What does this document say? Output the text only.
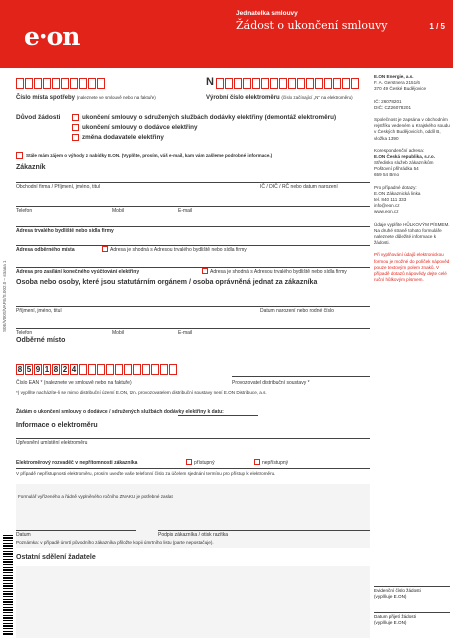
e·on
Jednatelka smlouvy
Žádost o ukončení smlouvy	1 / 5
S0E/V00S/VAFE/S.002.0 – strana 1

E.ON Energie, a.s.
F. A. Gerstnera 2151/6
370 49 České Budějovice

IČ: 26078201
DIČ: CZ26078201

Společnost je zapsána v obchodním rejstříku vedeném u Krajského soudu v Českých Budějovicích, oddíl B, vložka 1390

Korespondenční adresa:
E.ON Česká republika, s.r.o.
Středisko služeb zákazníkům
Poštovní přihrádka 54
659 54 Brno

Pro případné dotazy:
E.ON Zákaznická linka
tel. 840 111 333
info@eon.cz
www.eon.cz

Údaje vyplňte HŮLKOVÝM PÍSMEM. Na druhé straně tohoto formuláře naleznete důležité informace k žádosti.

Při vyplňování údajů elektronickou formou je možné do políček nápověd pouze textovým polem znaků. V případě dotazů nápovědy dejte celé ruční hůlkovým písmem.

N
Číslo místa spotřeby (naleznete ve smlouvě nebo na faktuře)	Výrobní číslo elektroměru (číslo začínající „N“ na elektroměru)
Důvod žádosti	ukončení smlouvy o sdružených službách dodávky elektřiny (demontáž elektroměru)
ukončení smlouvy o dodávce elektřiny
změna dodavatele elektřiny
Stále mám zájem o výhody z nabídky E.ON. (Vyplňte, prosím, váš e-mail, kam vám zašleme podrobné informace.)
Zákazník
Obchodní firma / Příjmení, jméno, titul	IČ / DIČ / RČ nebo datum narození
Telefon	Mobil	E-mail
Adresa trvalého bydliště nebo sídla firmy
Adresa odběrného místa	Adresa je shodná s Adresou trvalého bydliště nebo sídla firmy
Adresa pro zasílání konečného vyúčtování elektřiny	Adresa je shodná s Adresou trvalého bydliště nebo sídla firmy
Osoba nebo osoby, které jsou statutárním orgánem / osoba oprávněná jednat za zákazníka
Příjmení, jméno, titul	Datum narození nebo rodné číslo
Telefon	Mobil	E-mail
Odběrné místo
8 5 9 1 8 2 4
Číslo EAN * (naleznete ve smlouvě nebo na faktuře)	Provozovatel distribuční soustavy *
*) vyplňte nacházíte-li se mimo distribuční území E.ON, tzn. provozovatelem distribuční soustavy není E.ON Distribuce, a.s.
Žádám o ukončení smlouvy o dodávce / sdružených službách dodávky elektřiny k datu:
Informace o elektroměru
Upřesnění umístění elektroměru
Elektroměrový rozvaděč v nepřítomnosti zákazníka	přístupný	nepřístupný
V případě nepřístupnosti elektroměru, prosím uveďte vaše telefonní číslo za účelem sjednání termínu pro přístup k elektroměru.
Formulář vyřízeného a řádně vyplněného ročního ZNAKU je potřebné zaslat
Datum	Podpis zákazníka / otisk razítka
Poznámka: v případě úmrtí původního zákazníka přiložte kopii úmrtního listu (parte nepostačuje).
Ostatní sdělení žadatele
Evidenční číslo žádosti
(vyplňuje E.ON)
Datum přijetí žádosti
(vyplňuje E.ON)
